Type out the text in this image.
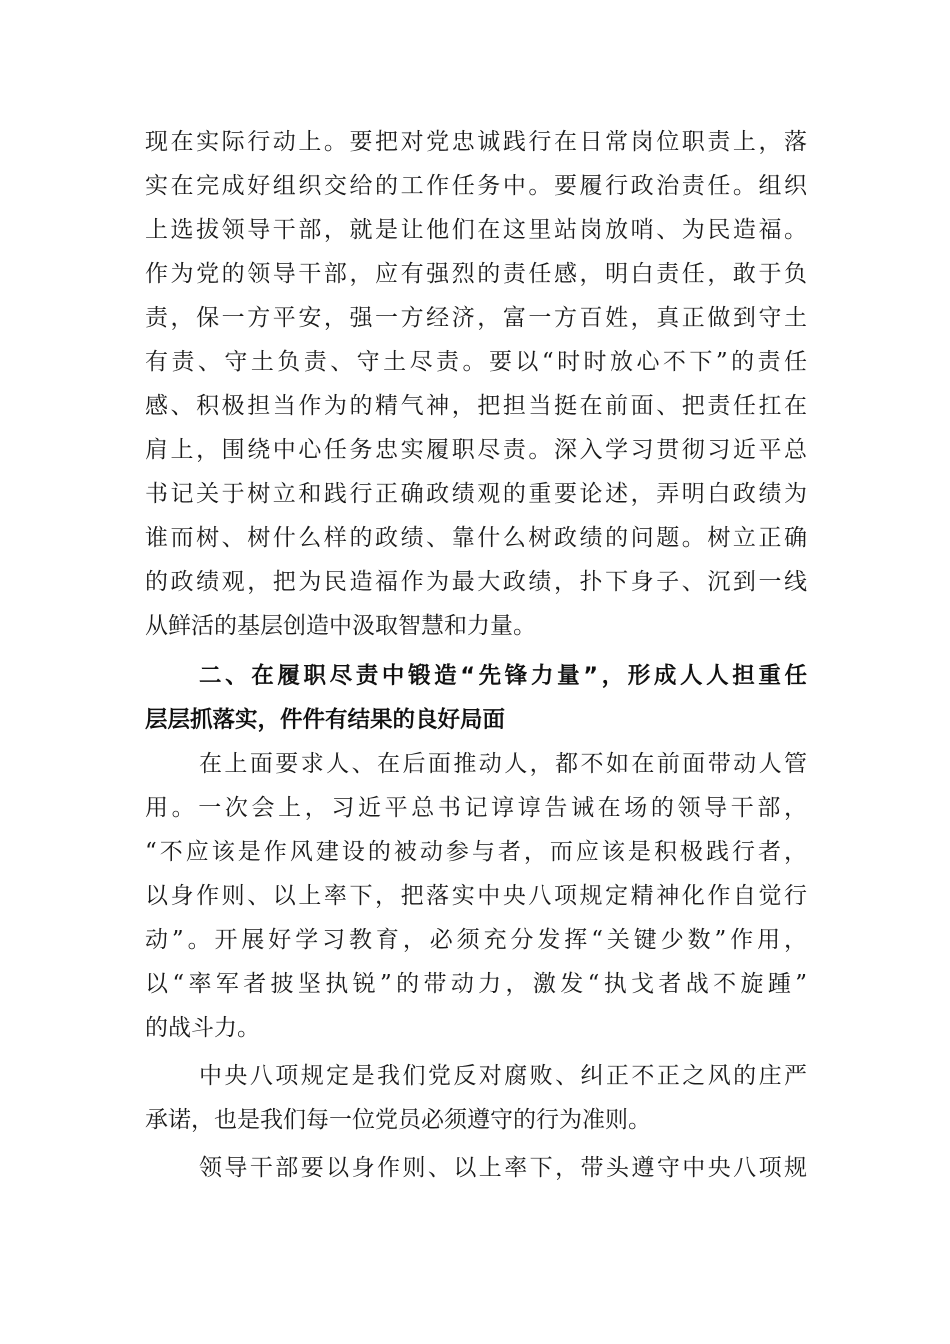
现在实际行动上。要把对党忠诚践行在日常岗位职责上，落
实在完成好组织交给的工作任务中。要履行政治责任。组织
上选拔领导干部，就是让他们在这里站岗放哨、为民造福。
作为党的领导干部，应有强烈的责任感，明白责任，敢于负
责，保一方平安，强一方经济，富一方百姓，真正做到守土
有责、守土负责、守土尽责。要以“时时放心不下”的责任
感、积极担当作为的精气神，把担当挺在前面、把责任扛在
肩上，围绕中心任务忠实履职尽责。深入学习贯彻习近平总
书记关于树立和践行正确政绩观的重要论述，弄明白政绩为
谁而树、树什么样的政绩、靠什么树政绩的问题。树立正确
的政绩观，把为民造福作为最大政绩，扑下身子、沉到一线
从鲜活的基层创造中汲取智慧和力量。
二、在履职尽责中锻造“先锋力量”，形成人人担重任
层层抓落实，件件有结果的良好局面
在上面要求人、在后面推动人，都不如在前面带动人管
用。一次会上，习近平总书记谆谆告诫在场的领导干部，
“不应该是作风建设的被动参与者，而应该是积极践行者，
以身作则、以上率下，把落实中央八项规定精神化作自觉行
动”。开展好学习教育，必须充分发挥“关键少数”作用，
以“率军者披坚执锐”的带动力，激发“执戈者战不旋踵”
的战斗力。
中央八项规定是我们党反对腐败、纠正不正之风的庄严
承诺，也是我们每一位党员必须遵守的行为准则。
领导干部要以身作则、以上率下，带头遵守中央八项规
